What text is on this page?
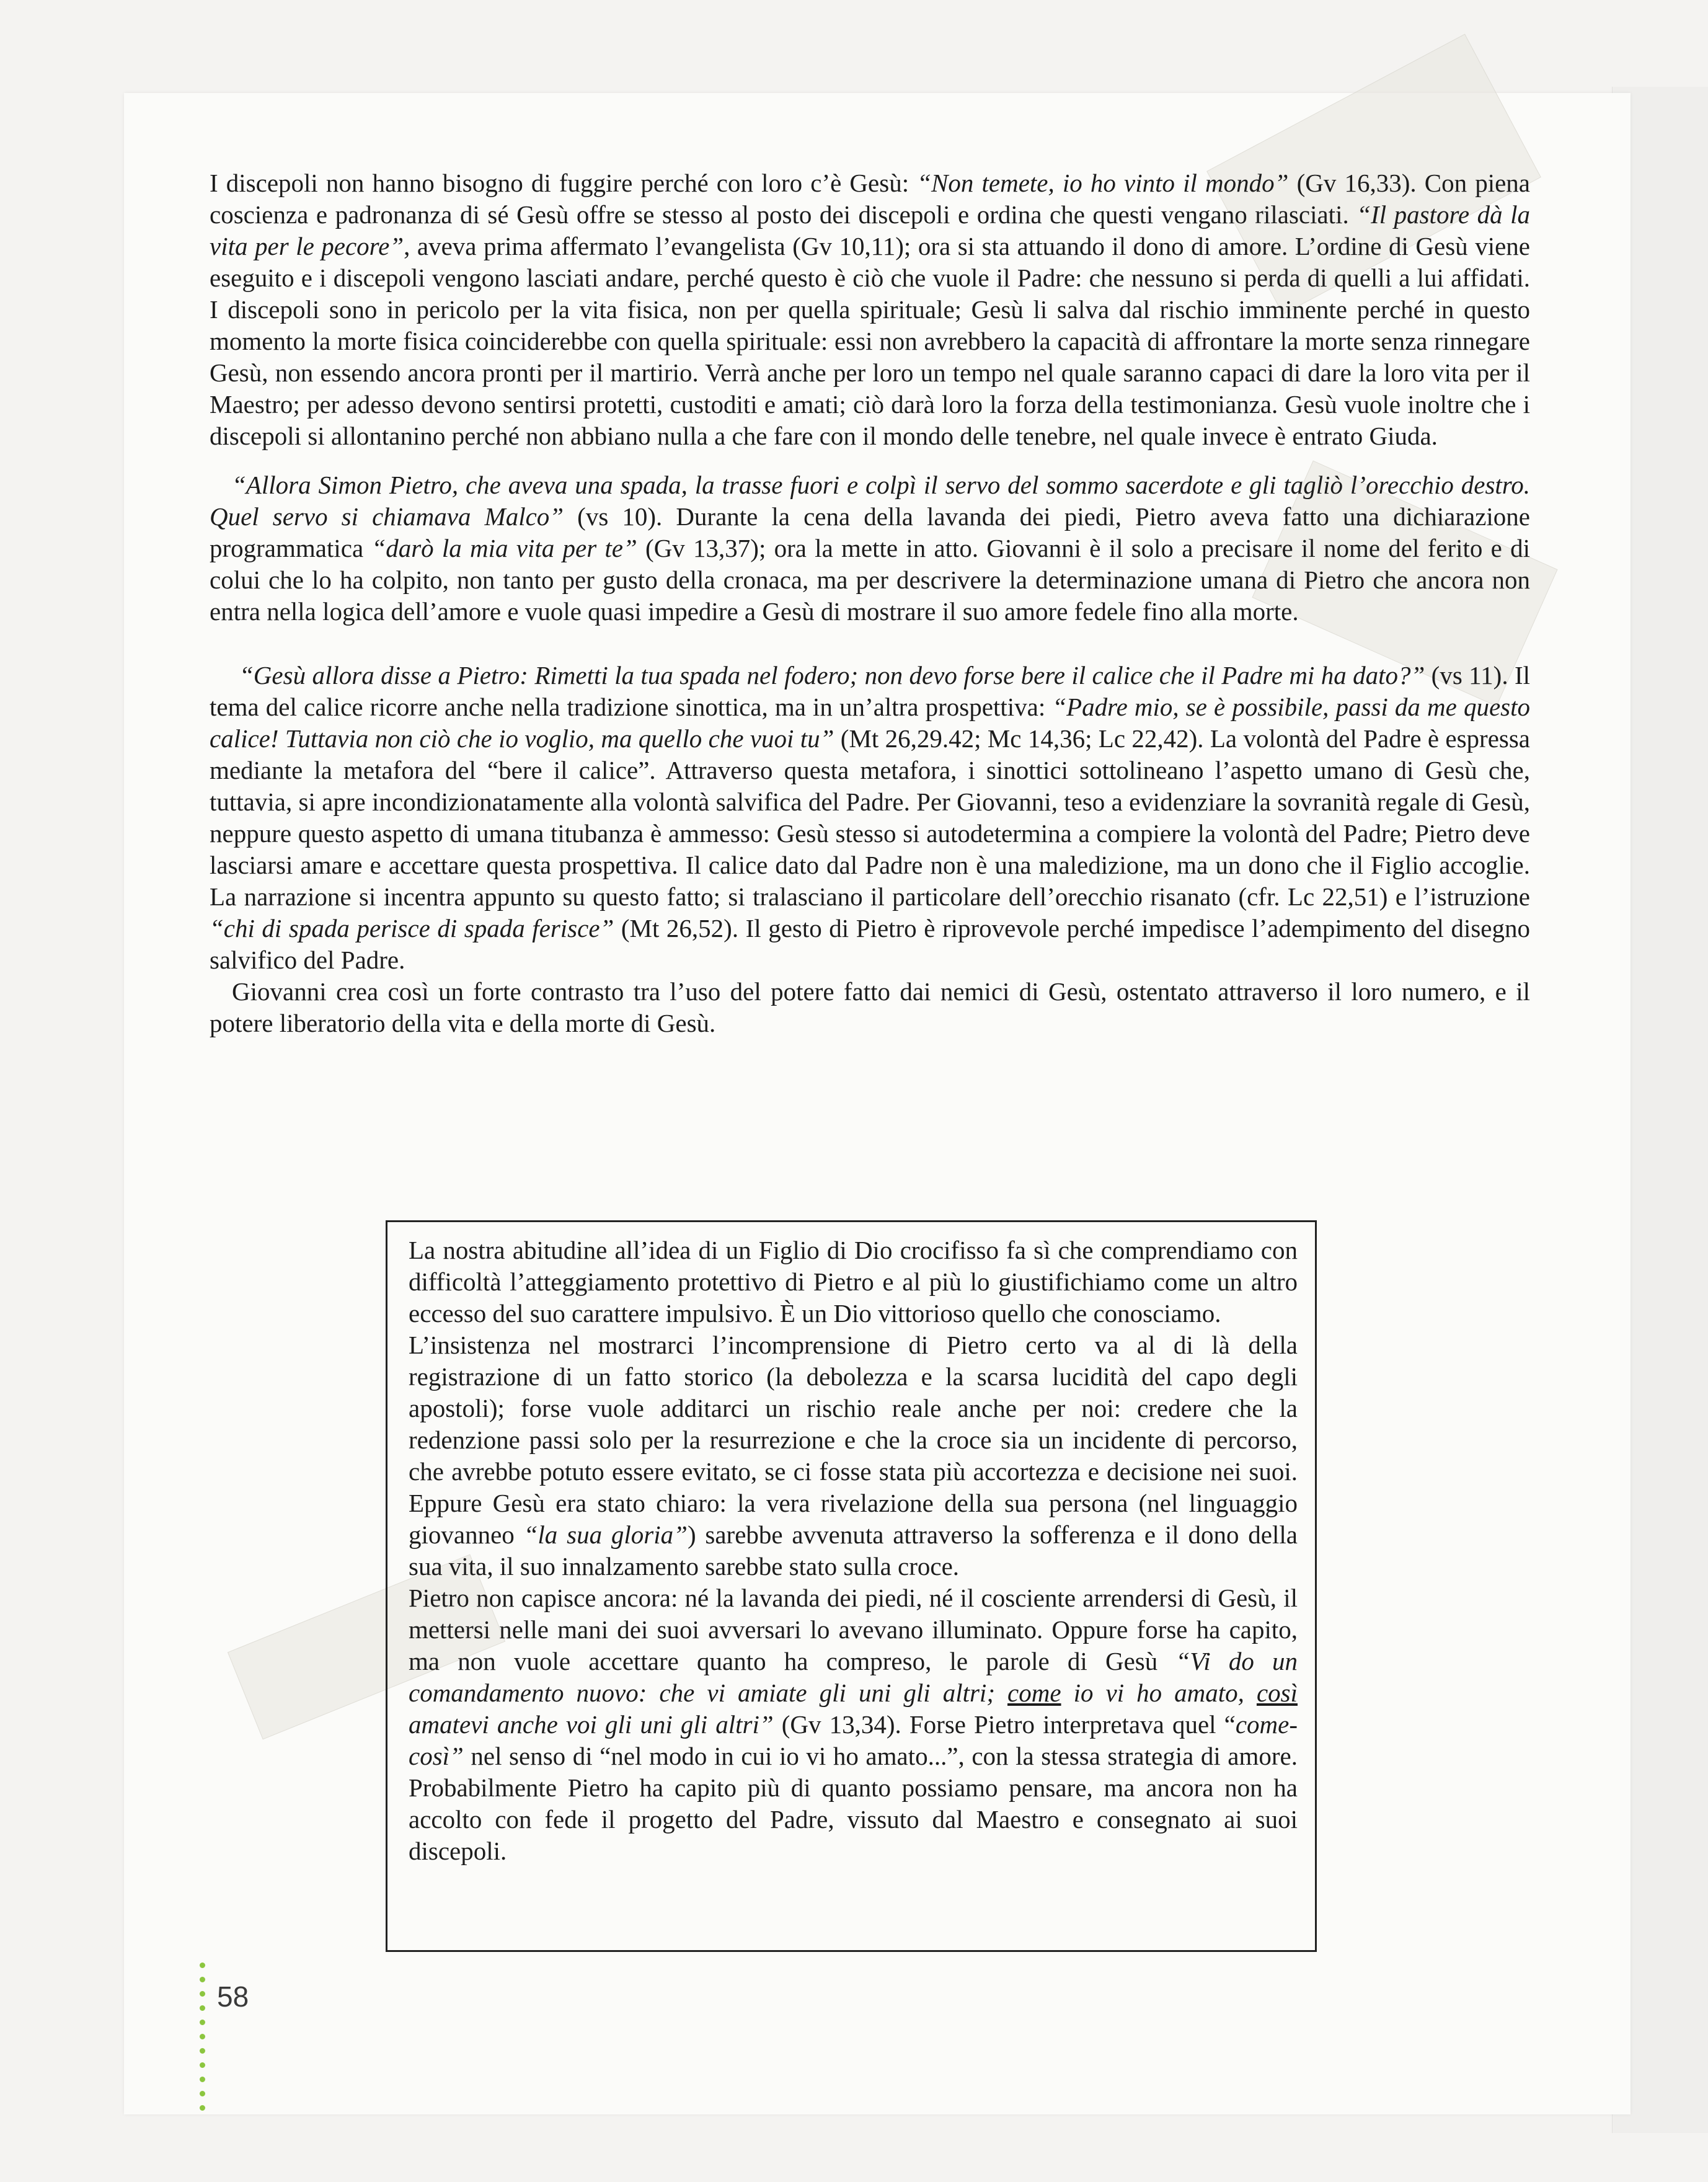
I discepoli non hanno bisogno di fuggire perché con loro c’è Gesù: “Non temete, io ho vinto il mondo” (Gv 16,33). Con piena coscienza e padronanza di sé Gesù offre se stesso al posto dei discepoli e ordina che questi vengano rilasciati. “Il pastore dà la vita per le pecore”, aveva prima affermato l’evangelista (Gv 10,11); ora si sta attuando il dono di amore. L’ordine di Gesù viene eseguito e i discepoli vengono lasciati andare, perché questo è ciò che vuole il Padre: che nessuno si perda di quelli a lui affidati. I discepoli sono in pericolo per la vita fisica, non per quella spirituale; Gesù li salva dal rischio imminente perché in questo momento la morte fisica coinciderebbe con quella spirituale: essi non avrebbero la capacità di affrontare la morte senza rinnegare Gesù, non essendo ancora pronti per il martirio. Verrà anche per loro un tempo nel quale saranno capaci di dare la loro vita per il Maestro; per adesso devono sentirsi protetti, custoditi e amati; ciò darà loro la forza della testimonianza. Gesù vuole inoltre che i discepoli si allontanino perché non abbiano nulla a che fare con il mondo delle tenebre, nel quale invece è entrato Giuda.

“Allora Simon Pietro, che aveva una spada, la trasse fuori e colpì il servo del sommo sacerdote e gli tagliò l’orecchio destro. Quel servo si chiamava Malco” (vs 10). Durante la cena della lavanda dei piedi, Pietro aveva fatto una dichiarazione programmatica “darò la mia vita per te” (Gv 13,37); ora la mette in atto. Giovanni è il solo a precisare il nome del ferito e di colui che lo ha colpito, non tanto per gusto della cronaca, ma per descrivere la determinazione umana di Pietro che ancora non entra nella logica dell’amore e vuole quasi impedire a Gesù di mostrare il suo amore fedele fino alla morte.

“Gesù allora disse a Pietro: Rimetti la tua spada nel fodero; non devo forse bere il calice che il Padre mi ha dato?” (vs 11). Il tema del calice ricorre anche nella tradizione sinottica, ma in un’altra prospettiva: “Padre mio, se è possibile, passi da me questo calice! Tuttavia non ciò che io voglio, ma quello che vuoi tu” (Mt 26,29.42; Mc 14,36; Lc 22,42). La volontà del Padre è espressa mediante la metafora del “bere il calice”. Attraverso questa metafora, i sinottici sottolineano l’aspetto umano di Gesù che, tuttavia, si apre incondizionatamente alla volontà salvifica del Padre. Per Giovanni, teso a evidenziare la sovranità regale di Gesù, neppure questo aspetto di umana titubanza è ammesso: Gesù stesso si autodetermina a compiere la volontà del Padre; Pietro deve lasciarsi amare e accettare questa prospettiva. Il calice dato dal Padre non è una maledizione, ma un dono che il Figlio accoglie. La narrazione si incentra appunto su questo fatto; si tralasciano il particolare dell’orecchio risanato (cfr. Lc 22,51) e l’istruzione “chi di spada perisce di spada ferisce” (Mt 26,52). Il gesto di Pietro è riprovevole perché impedisce l’adempimento del disegno salvifico del Padre.

Giovanni crea così un forte contrasto tra l’uso del potere fatto dai nemici di Gesù, ostentato attraverso il loro numero, e il potere liberatorio della vita e della morte di Gesù.

La nostra abitudine all’idea di un Figlio di Dio crocifisso fa sì che comprendiamo con difficoltà l’atteggiamento protettivo di Pietro e al più lo giustifichiamo come un altro eccesso del suo carattere impulsivo. È un Dio vittorioso quello che conosciamo.

L’insistenza nel mostrarci l’incomprensione di Pietro certo va al di là della registrazione di un fatto storico (la debolezza e la scarsa lucidità del capo degli apostoli); forse vuole additarci un rischio reale anche per noi: credere che la redenzione passi solo per la resurrezione e che la croce sia un incidente di percorso, che avrebbe potuto essere evitato, se ci fosse stata più accortezza e decisione nei suoi. Eppure Gesù era stato chiaro: la vera rivelazione della sua persona (nel linguaggio giovanneo “la sua gloria”) sarebbe avvenuta attraverso la sofferenza e il dono della sua vita, il suo innalzamento sarebbe stato sulla croce.

Pietro non capisce ancora: né la lavanda dei piedi, né il cosciente arrendersi di Gesù, il mettersi nelle mani dei suoi avversari lo avevano illuminato. Oppure forse ha capito, ma non vuole accettare quanto ha compreso, le parole di Gesù “Vi do un comandamento nuovo: che vi amiate gli uni gli altri; come io vi ho amato, così amatevi anche voi gli uni gli altri” (Gv 13,34). Forse Pietro interpretava quel “come-così” nel senso di “nel modo in cui io vi ho amato...”, con la stessa strategia di amore. Probabilmente Pietro ha capito più di quanto possiamo pensare, ma ancora non ha accolto con fede il progetto del Padre, vissuto dal Maestro e consegnato ai suoi discepoli.

58
